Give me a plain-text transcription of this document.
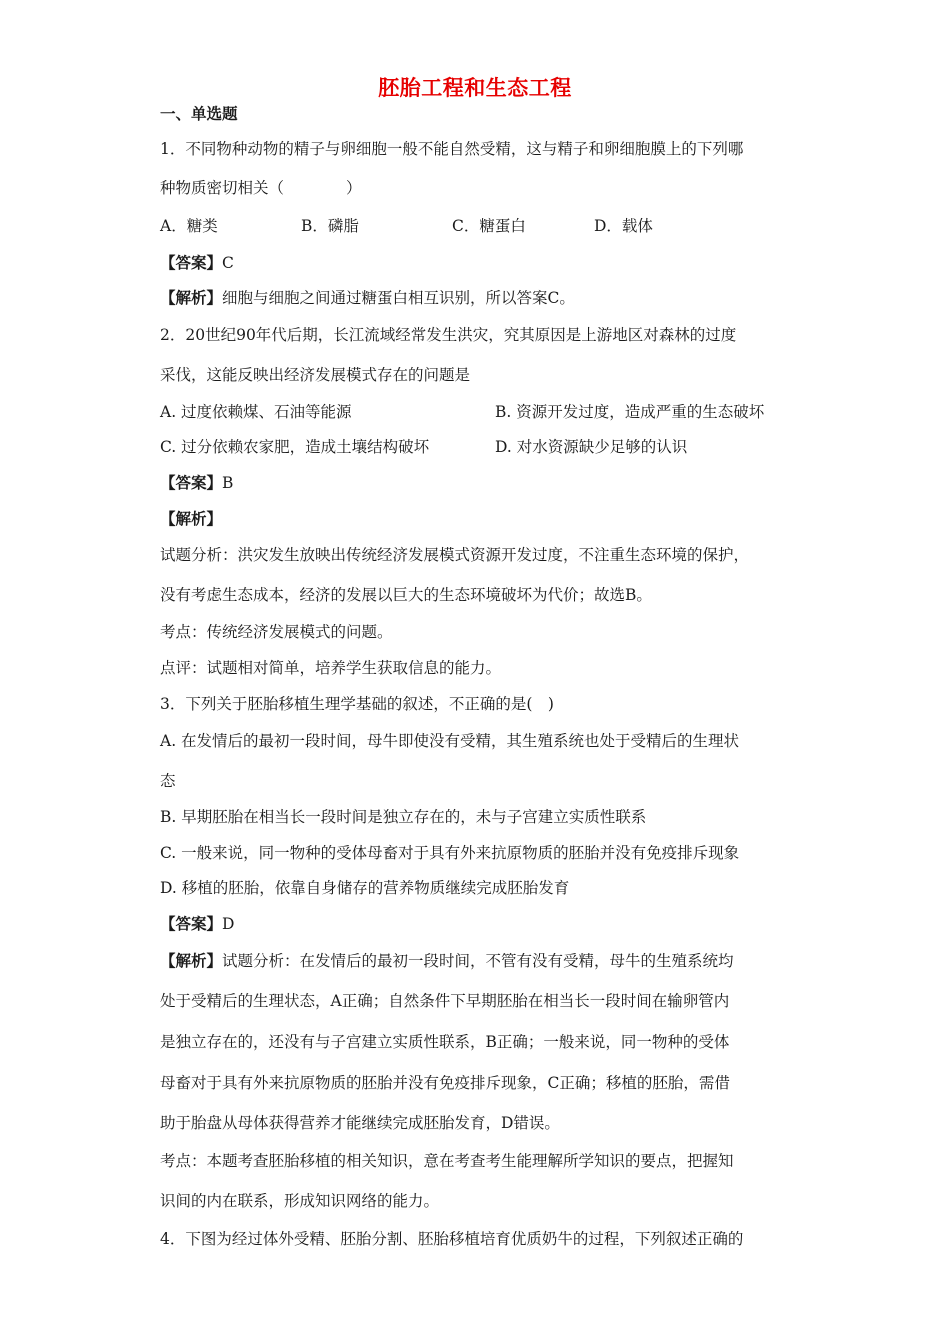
胚胎工程和生态工程
一、单选题
1．不同物种动物的精子与卵细胞一般不能自然受精，这与精子和卵细胞膜上的下列哪
种物质密切相关（　　　　）
A．糖类	B．磷脂	C．糖蛋白	D．载体
【答案】C
【解析】细胞与细胞之间通过糖蛋白相互识别，所以答案C。
2．20世纪90年代后期，长江流域经常发生洪灾，究其原因是上游地区对森林的过度
采伐，这能反映出经济发展模式存在的问题是
A. 过度依赖煤、石油等能源	B. 资源开发过度，造成严重的生态破坏
C. 过分依赖农家肥，造成土壤结构破坏	D. 对水资源缺少足够的认识
【答案】B
【解析】
试题分析：洪灾发生放映出传统经济发展模式资源开发过度，不注重生态环境的保护，
没有考虑生态成本，经济的发展以巨大的生态环境破坏为代价；故选B。
考点：传统经济发展模式的问题。
点评：试题相对简单，培养学生获取信息的能力。
3．下列关于胚胎移植生理学基础的叙述，不正确的是(　)
A. 在发情后的最初一段时间，母牛即使没有受精，其生殖系统也处于受精后的生理状
态
B. 早期胚胎在相当长一段时间是独立存在的，未与子宫建立实质性联系
C. 一般来说，同一物种的受体母畜对于具有外来抗原物质的胚胎并没有免疫排斥现象
D. 移植的胚胎，依靠自身储存的营养物质继续完成胚胎发育
【答案】D
【解析】试题分析：在发情后的最初一段时间，不管有没有受精，母牛的生殖系统均
处于受精后的生理状态，A正确；自然条件下早期胚胎在相当长一段时间在输卵管内
是独立存在的，还没有与子宫建立实质性联系，B正确；一般来说，同一物种的受体
母畜对于具有外来抗原物质的胚胎并没有免疫排斥现象，C正确；移植的胚胎，需借
助于胎盘从母体获得营养才能继续完成胚胎发育，D错误。
考点：本题考查胚胎移植的相关知识，意在考查考生能理解所学知识的要点，把握知
识间的内在联系，形成知识网络的能力。
4．下图为经过体外受精、胚胎分割、胚胎移植培育优质奶牛的过程，下列叙述正确的
